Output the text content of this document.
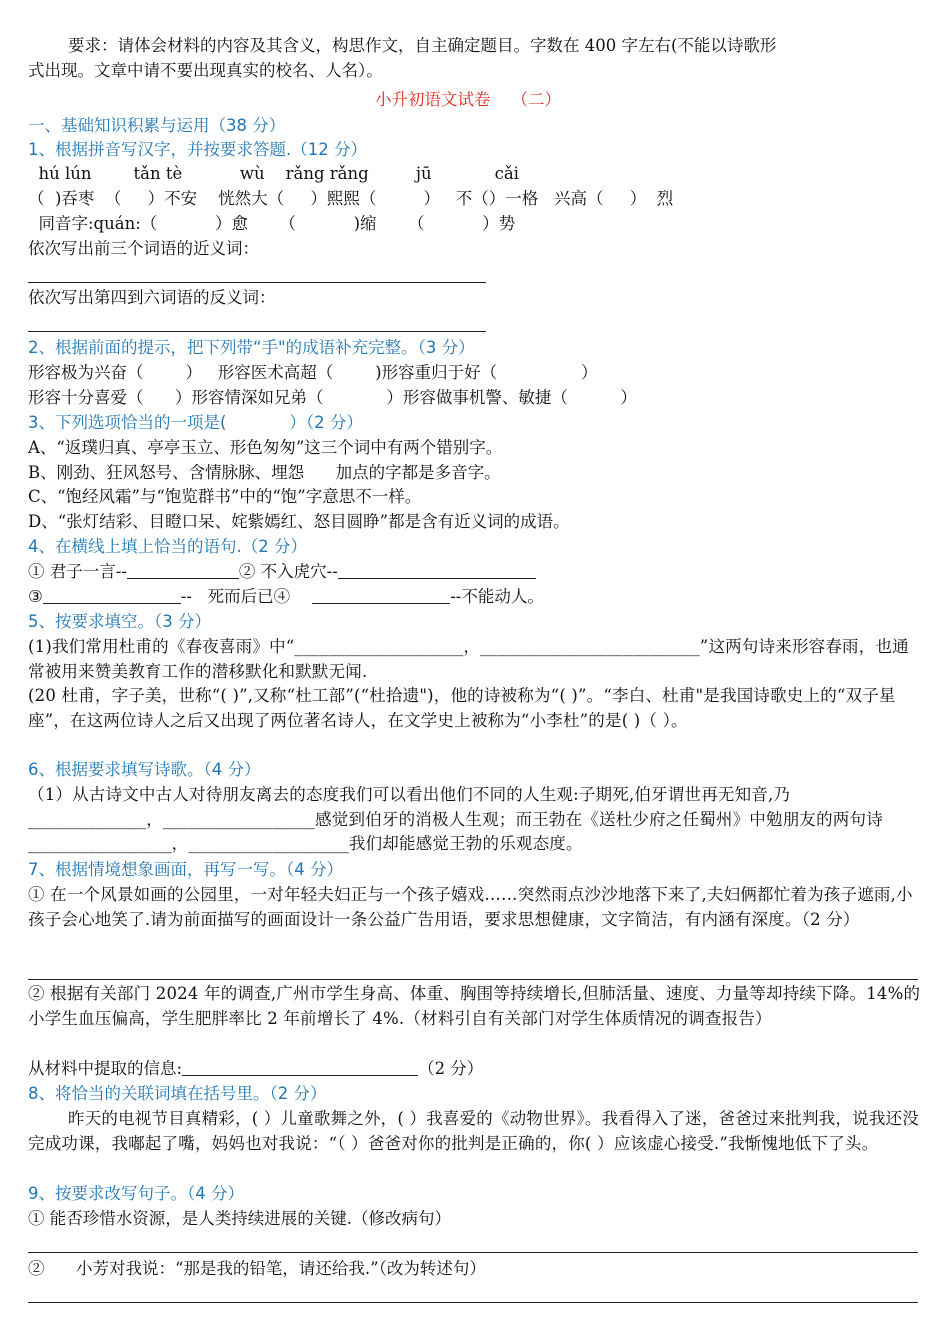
要求：请体会材料的内容及其含义，构思作文，自主确定题目。字数在 400 字左右(不能以诗歌形
式出现。文章中请不要出现真实的校名、人名）。
小升初语文试卷    （二）
一、基础知识积累与运用（38 分）
1、根据拼音写汉字，并按要求答题.（12 分）
hú lún        tǎn tè           wù    rǎng rǎng         jū            cǎi
（  )吞枣  （     ）不安    恍然大（     ）熙熙（         ）   不（）一格   兴高（     ）  烈
同音字:quán:（           ）愈      （           )缩      （           ）势
依次写出前三个词语的近义词：
依次写出第四到六词语的反义词：
2、根据前面的提示，把下列带“手"的成语补充完整。（3 分）
形容极为兴奋（        ）   形容医术高超（        )形容重归于好（                ）
形容十分喜爱（      ）形容情深如兄弟（            ）形容做事机警、敏捷（          ）
3、下列选项恰当的一项是(            ）（2 分）
A、“返璞归真、亭亭玉立、形色匆匆”这三个词中有两个错别字。
B、刚劲、狂风怒号、含情脉脉、埋怨      加点的字都是多音字。
C、“饱经风霜”与“饱览群书”中的“饱”字意思不一样。
D、“张灯结彩、目瞪口呆、姹紫嫣红、怒目圆睁”都是含有近义词的成语。
4、在横线上填上恰当的语句.（2 分）
① 君子一言--	② 不入虎穴--
③	--   死而后已④	--不能动人。
5、按要求填空。（3 分）
(1)我们常用杜甫的《春夜喜雨》中“____________________，__________________________”这两句诗来形容春雨，也通常被用来赞美教育工作的潜移默化和默默无闻.
(20 杜甫，字子美，世称“( )”,又称“杜工部”(“杜拾遗")，他的诗被称为“( )”。“李白、杜甫"是我国诗歌史上的“双子星座”，在这两位诗人之后又出现了两位著名诗人，在文学史上被称为“小李杜”的是( )（ ）。
6、根据要求填写诗歌。（4 分）
（1）从古诗文中古人对待朋友离去的态度我们可以看出他们不同的人生观:子期死,伯牙谓世再无知音,乃 ______________，__________________感觉到伯牙的消极人生观；而王勃在《送杜少府之任蜀州》中勉朋友的两句诗 _________________，___________________我们却能感觉王勃的乐观态度。
7、根据情境想象画面，再写一写。（4 分）
① 在一个风景如画的公园里，一对年轻夫妇正与一个孩子嬉戏……突然雨点沙沙地落下来了,夫妇俩都忙着为孩子遮雨,小孩子会心地笑了.请为前面描写的画面设计一条公益广告用语，要求思想健康，文字简洁，有内涵有深度。（2 分）
② 根据有关部门 2024 年的调查,广州市学生身高、体重、胸围等持续增长,但肺活量、速度、力量等却持续下降。14%的小学生血压偏高，学生肥胖率比 2 年前增长了 4%.（材料引自有关部门对学生体质情况的调查报告）
从材料中提取的信息:	（2 分）
8、将恰当的关联词填在括号里。（2 分）
昨天的电视节目真精彩，( ）儿童歌舞之外，( ）我喜爱的《动物世界》。我看得入了迷，爸爸过来批判我，说我还没完成功课，我嘟起了嘴，妈妈也对我说：“（ ）爸爸对你的批判是正确的，你( ）应该虚心接受.”我惭愧地低下了头。
9、按要求改写句子。（4 分）
① 能否珍惜水资源，是人类持续进展的关键.（修改病句）
②      小芳对我说：“那是我的铅笔，请还给我.”（改为转述句）
